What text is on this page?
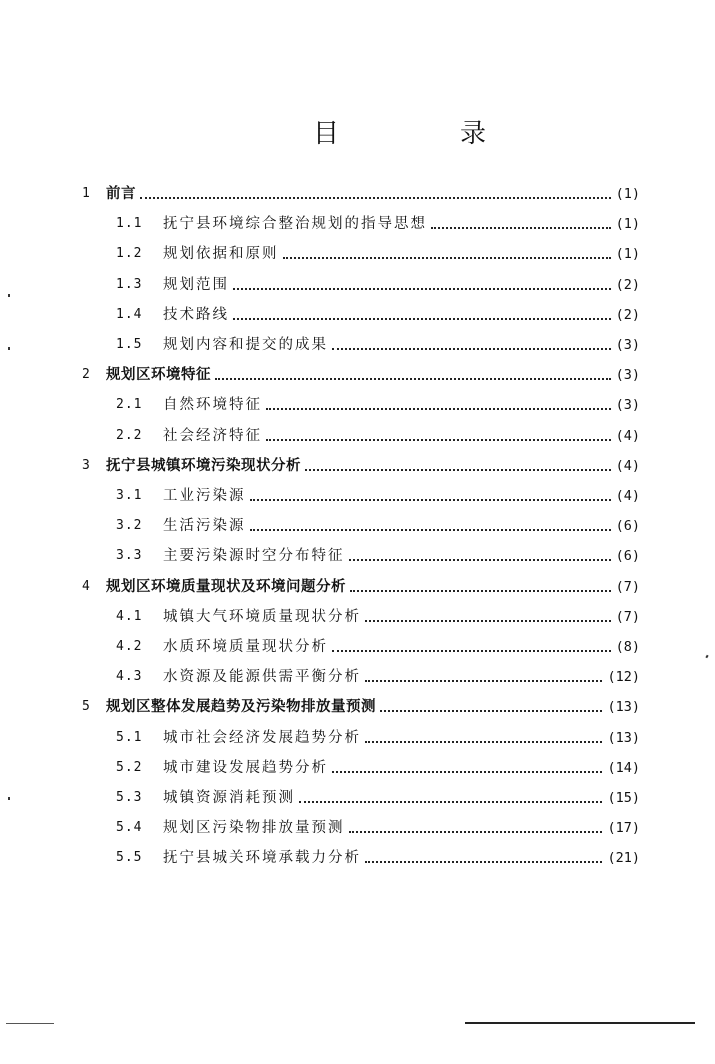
目	录
1 前言	(1)
1.1 抚宁县环境综合整治规划的指导思想	(1)
1.2 规划依据和原则	(1)
1.3 规划范围	(2)
1.4 技术路线	(2)
1.5 规划内容和提交的成果	(3)
2 规划区环境特征	(3)
2.1 自然环境特征	(3)
2.2 社会经济特征	(4)
3 抚宁县城镇环境污染现状分析	(4)
3.1 工业污染源	(4)
3.2 生活污染源	(6)
3.3 主要污染源时空分布特征	(6)
4 规划区环境质量现状及环境问题分析	(7)
4.1 城镇大气环境质量现状分析	(7)
4.2 水质环境质量现状分析	(8)
4.3 水资源及能源供需平衡分析	(12)
5 规划区整体发展趋势及污染物排放量预测	(13)
5.1 城市社会经济发展趋势分析	(13)
5.2 城市建设发展趋势分析	(14)
5.3 城镇资源消耗预测	(15)
5.4 规划区污染物排放量预测	(17)
5.5 抚宁县城关环境承载力分析	(21)
